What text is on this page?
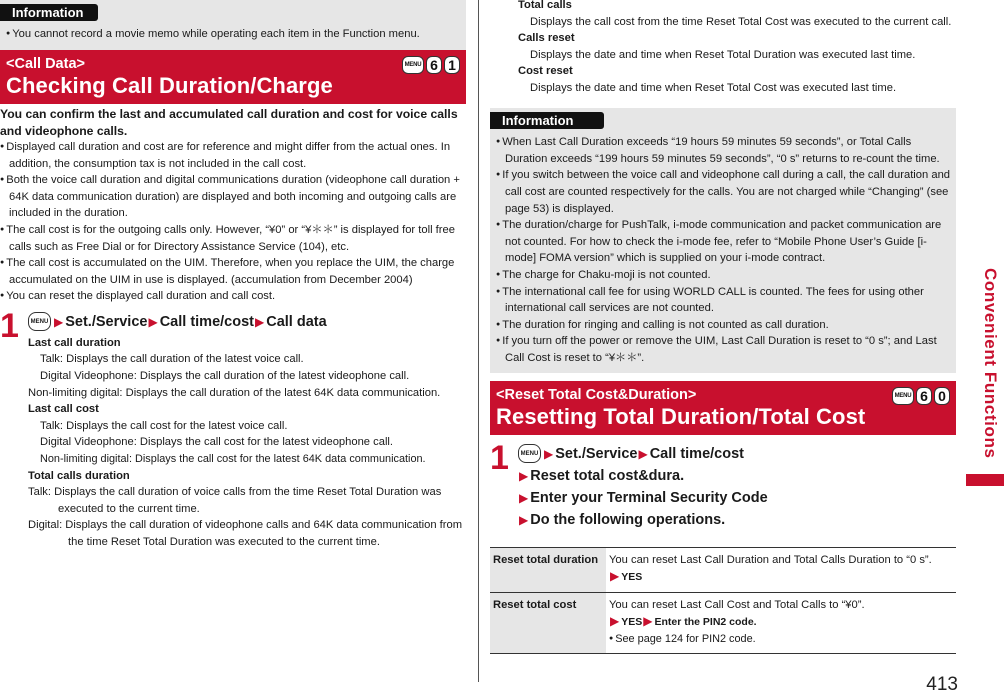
Information
● You cannot record a movie memo while operating each item in the Function menu.
<Call Data>
Checking Call Duration/Charge
MENU 6 1
You can confirm the last and accumulated call duration and cost for voice calls and videophone calls.
● Displayed call duration and cost are for reference and might differ from the actual ones. In addition, the consumption tax is not included in the call cost.
● Both the voice call duration and digital communications duration (videophone call duration + 64K data communication duration) are displayed and both incoming and outgoing calls are included in the duration.
● The call cost is for the outgoing calls only. However, “¥0” or “¥＊＊” is displayed for toll free calls such as Free Dial or for Directory Assistance Service (104), etc.
● The call cost is accumulated on the UIM. Therefore, when you replace the UIM, the charge accumulated on the UIM in use is displayed. (accumulation from December 2004)
● You can reset the displayed call duration and call cost.
1	MENU ▶ Set./Service ▶ Call time/cost ▶ Call data
Last call duration
Talk: Displays the call duration of the latest voice call.
Digital Videophone: Displays the call duration of the latest videophone call.
Non-limiting digital: Displays the call duration of the latest 64K data communication.
Last call cost
Talk: Displays the call cost for the latest voice call.
Digital Videophone: Displays the call cost for the latest videophone call.
Non-limiting digital: Displays the call cost for the latest 64K data communication.
Total calls duration
Talk: Displays the call duration of voice calls from the time Reset Total Duration was executed to the current time.
Digital: Displays the call duration of videophone calls and 64K data communication from the time Reset Total Duration was executed to the current time.
Total calls
Displays the call cost from the time Reset Total Cost was executed to the current call.
Calls reset
Displays the date and time when Reset Total Duration was executed last time.
Cost reset
Displays the date and time when Reset Total Cost was executed last time.
Information
● When Last Call Duration exceeds “19 hours 59 minutes 59 seconds”, or Total Calls Duration exceeds “199 hours 59 minutes 59 seconds”, “0 s” returns to re-count the time.
● If you switch between the voice call and videophone call during a call, the call duration and call cost are counted respectively for the calls. You are not charged while “Changing” (see page 53) is displayed.
● The duration/charge for PushTalk, i-mode communication and packet communication are not counted. For how to check the i-mode fee, refer to “Mobile Phone User’s Guide [i-mode] FOMA version” which is supplied on your i-mode contract.
● The charge for Chaku-moji is not counted.
● The international call fee for using WORLD CALL is counted. The fees for using other international call services are not counted.
● The duration for ringing and calling is not counted as call duration.
● If you turn off the power or remove the UIM, Last Call Duration is reset to “0 s”; and Last Call Cost is reset to “¥＊＊”.
<Reset Total Cost&Duration>
Resetting Total Duration/Total Cost
MENU 6 0
1	MENU ▶ Set./Service ▶ Call time/cost
▶ Reset total cost&dura.
▶ Enter your Terminal Security Code
▶ Do the following operations.
Reset total duration	You can reset Last Call Duration and Total Calls Duration to “0 s”.
▶ YES

Reset total cost	You can reset Last Call Cost and Total Calls to “¥0”.
▶ YES▶ Enter the PIN2 code.
● See page 124 for PIN2 code.
Convenient Functions
413
